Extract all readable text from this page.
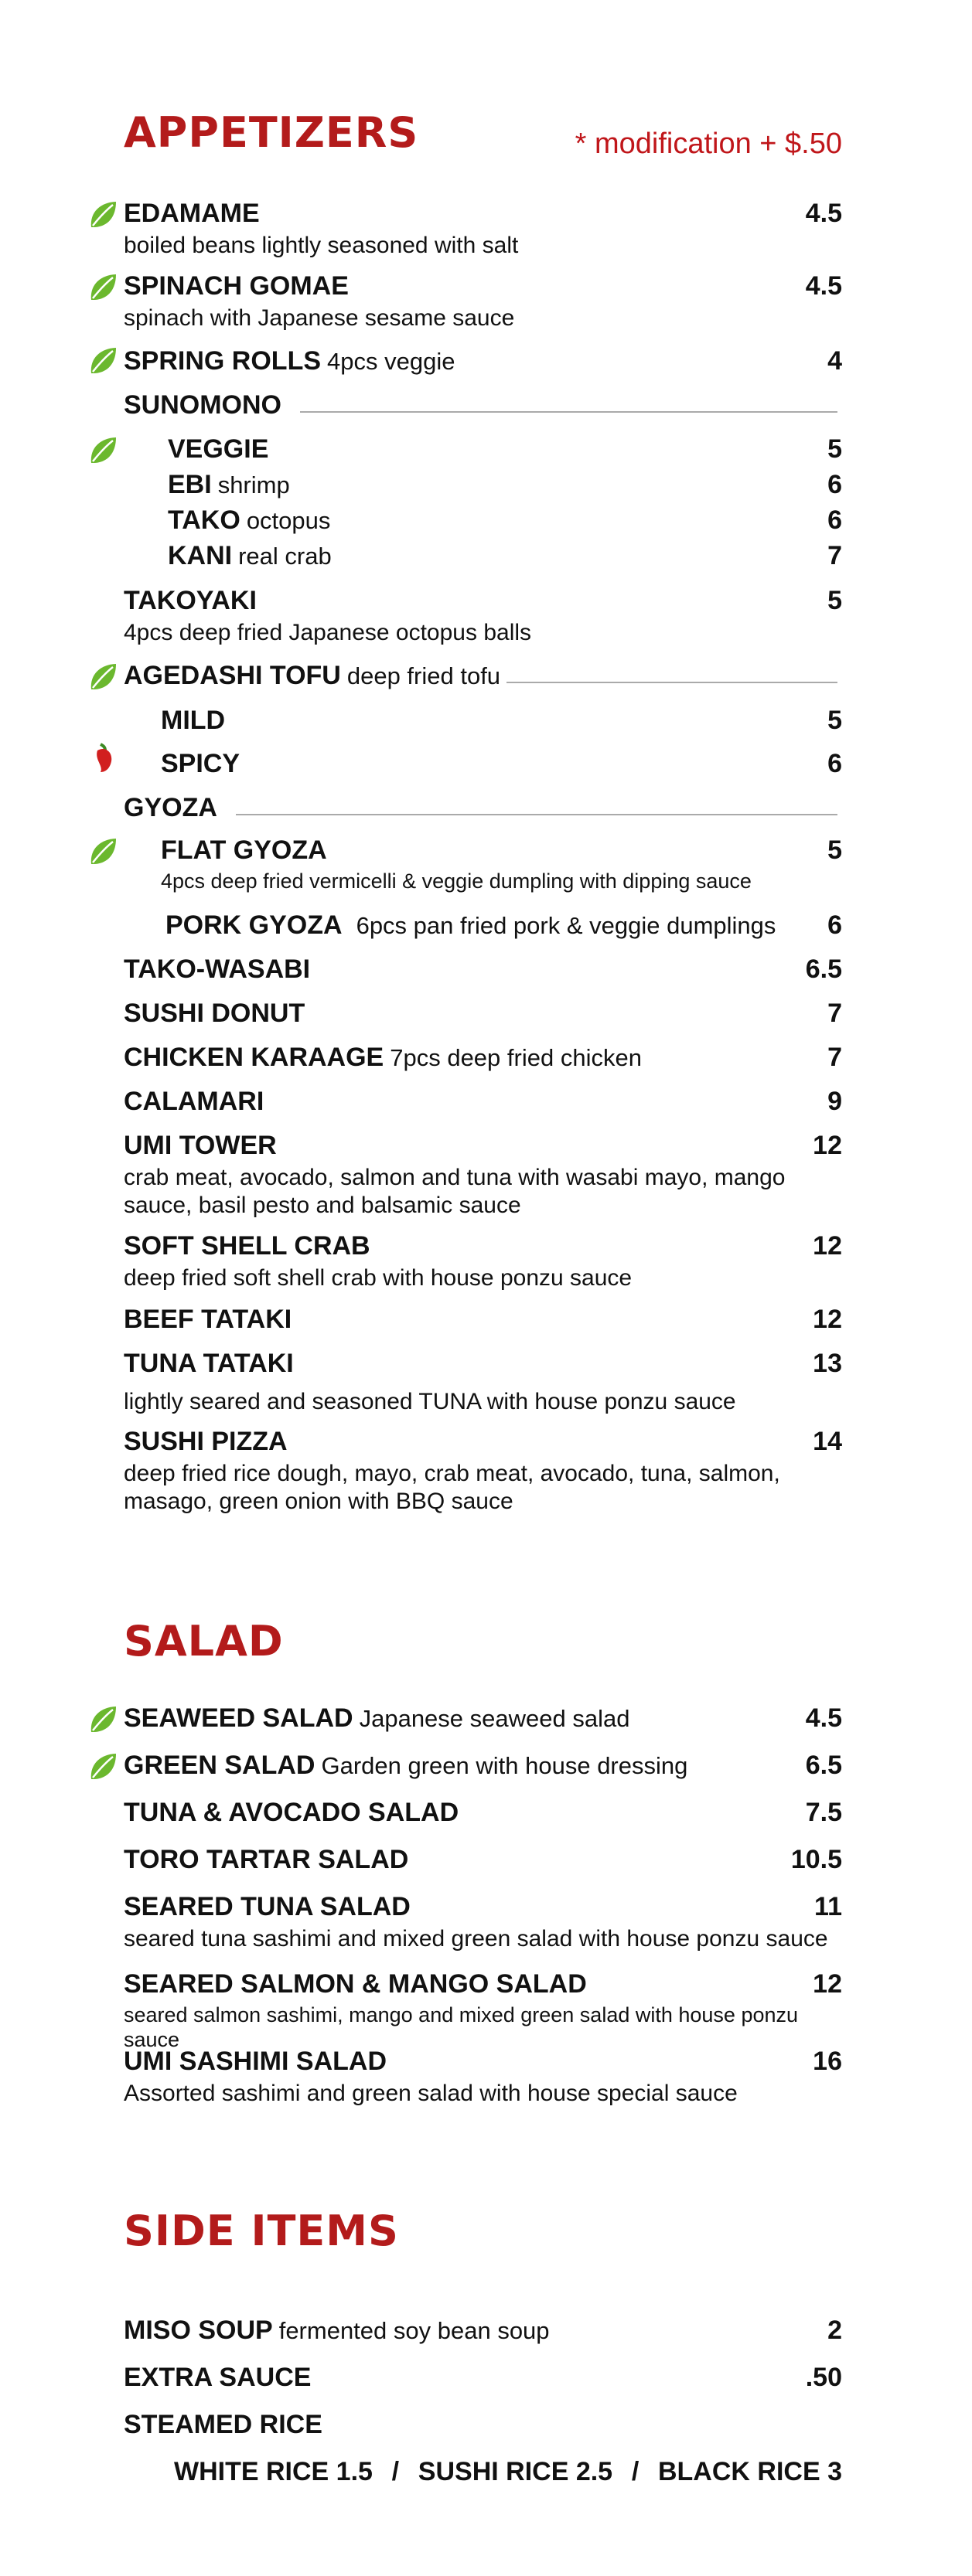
APPETIZERS	* modification + $.50
EDAMAME	4.5
boiled beans lightly seasoned with salt
SPINACH GOMAE	4.5
spinach with Japanese sesame sauce
SPRING ROLLS 4pcs veggie	4
SUNOMONO
VEGGIE	5
EBI shrimp	6
TAKO octopus	6
KANI real crab	7
TAKOYAKI	5
4pcs deep fried Japanese octopus balls
AGEDASHI TOFU deep fried tofu
MILD	5
SPICY	6
GYOZA
FLAT GYOZA	5
4pcs deep fried vermicelli & veggie dumpling with dipping sauce
PORK GYOZA 6pcs pan fried pork & veggie dumplings 6
TAKO-WASABI	6.5
SUSHI DONUT	7
CHICKEN KARAAGE 7pcs deep fried chicken	7
CALAMARI	9
UMI TOWER	12
crab meat, avocado, salmon and tuna with wasabi mayo, mango sauce, basil pesto and balsamic sauce
SOFT SHELL CRAB	12
deep fried soft shell crab with house ponzu sauce
BEEF TATAKI	12
TUNA TATAKI	13
lightly seared and seasoned TUNA with house ponzu sauce
SUSHI PIZZA	14
deep fried rice dough, mayo, crab meat, avocado, tuna, salmon, masago, green onion with BBQ sauce
SALAD
SEAWEED SALAD Japanese seaweed salad	4.5
GREEN SALAD Garden green with house dressing	6.5
TUNA & AVOCADO SALAD	7.5
TORO TARTAR SALAD	10.5
SEARED TUNA SALAD	11
seared tuna sashimi and mixed green salad with house ponzu sauce
SEARED SALMON & MANGO SALAD	12
seared salmon sashimi, mango and mixed green salad with house ponzu sauce
UMI SASHIMI SALAD	16
Assorted sashimi and green salad with house special sauce
SIDE ITEMS
MISO SOUP fermented soy bean soup	2
EXTRA SAUCE	.50
STEAMED RICE
WHITE RICE 1.5 / SUSHI RICE 2.5 / BLACK RICE 3
